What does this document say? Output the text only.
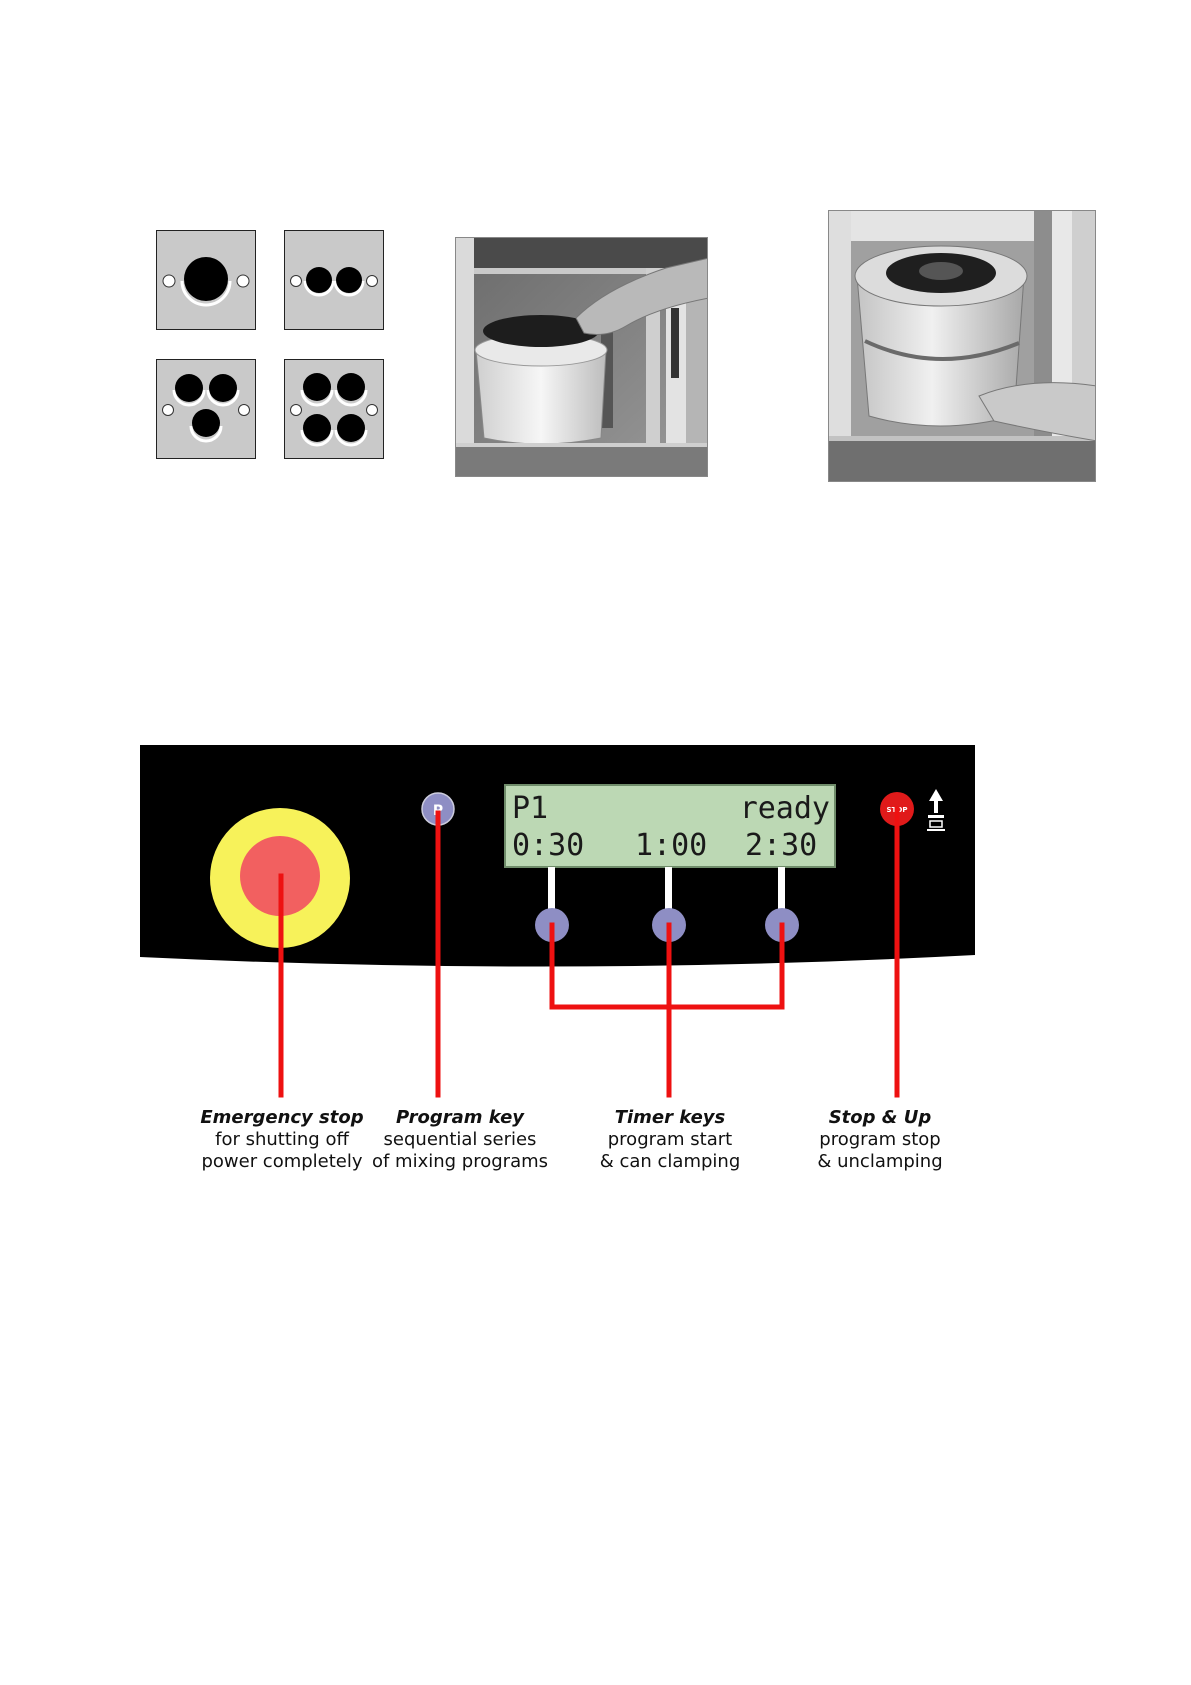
P P1	ready
0:30 1:00 2:30
STOP
Emergency stop
for shutting off
power completely
Program key
sequential series
of mixing programs
Timer keys
program start
& can clamping
Stop & Up
program stop
& unclamping
